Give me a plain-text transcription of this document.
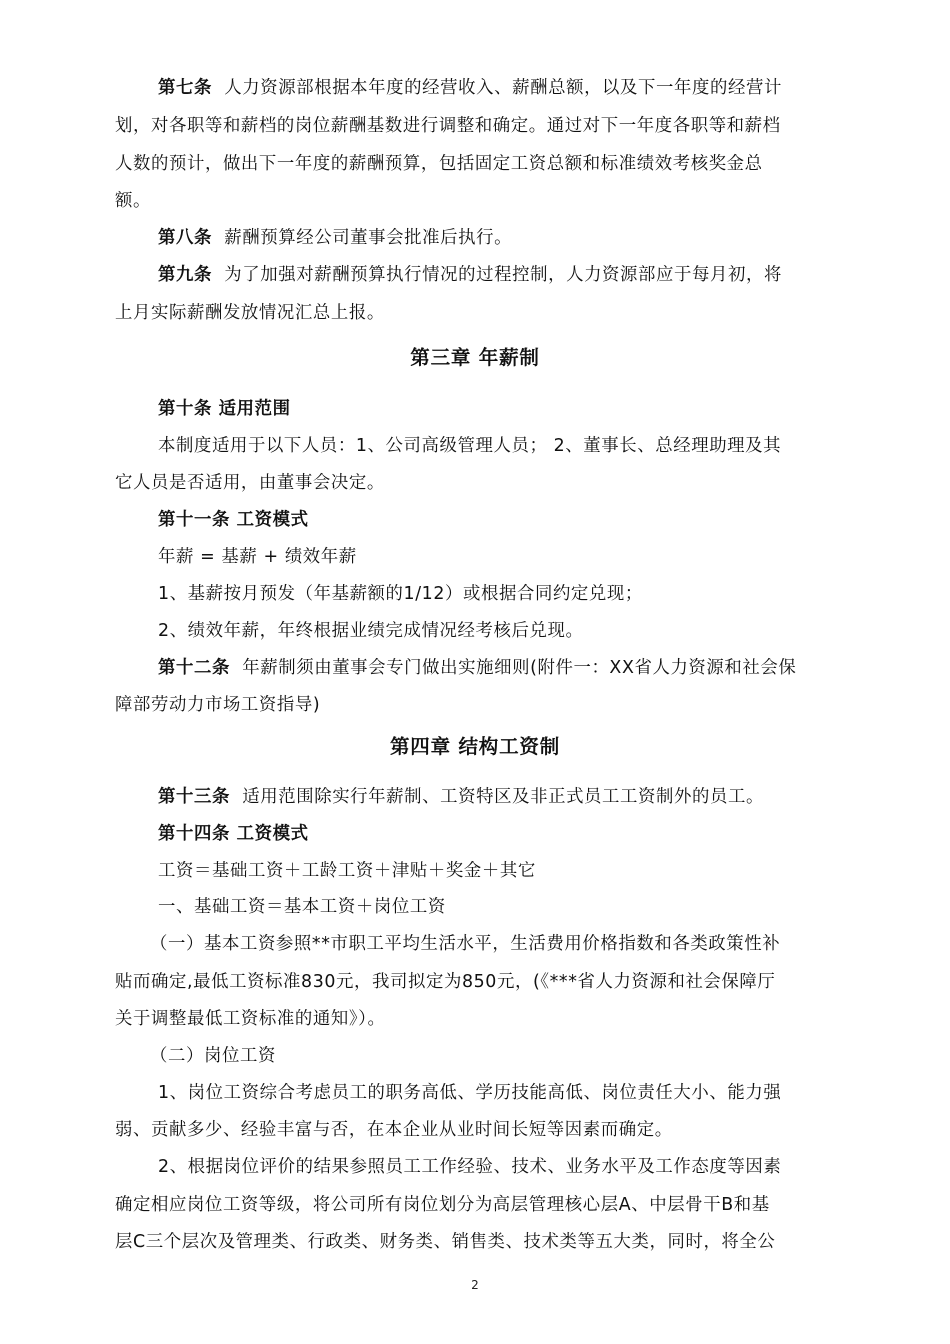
第七条 人力资源部根据本年度的经营收入、薪酬总额，以及下一年度的经营计
划，对各职等和薪档的岗位薪酬基数进行调整和确定。通过对下一年度各职等和薪档
人数的预计，做出下一年度的薪酬预算，包括固定工资总额和标准绩效考核奖金总
额。
第八条 薪酬预算经公司董事会批准后执行。
第九条 为了加强对薪酬预算执行情况的过程控制，人力资源部应于每月初，将
上月实际薪酬发放情况汇总上报。
第三章 年薪制
第十条 适用范围
本制度适用于以下人员：1、公司高级管理人员； 2、董事长、总经理助理及其
它人员是否适用，由董事会决定。
第十一条 工资模式
年薪 = 基薪 + 绩效年薪
1、基薪按月预发（年基薪额的1/12）或根据合同约定兑现；
2、绩效年薪，年终根据业绩完成情况经考核后兑现。
第十二条 年薪制须由董事会专门做出实施细则(附件一：XX省人力资源和社会保
障部劳动力市场工资指导)
第四章 结构工资制
第十三条 适用范围除实行年薪制、工资特区及非正式员工工资制外的员工。
第十四条 工资模式
工资＝基础工资＋工龄工资＋津贴＋奖金＋其它
一、基础工资＝基本工资＋岗位工资
（一）基本工资参照**市职工平均生活水平，生活费用价格指数和各类政策性补
贴而确定,最低工资标准830元，我司拟定为850元，(《***省人力资源和社会保障厅
关于调整最低工资标准的通知》）。
（二）岗位工资
1、岗位工资综合考虑员工的职务高低、学历技能高低、岗位责任大小、能力强
弱、贡献多少、经验丰富与否，在本企业从业时间长短等因素而确定。
2、根据岗位评价的结果参照员工工作经验、技术、业务水平及工作态度等因素
确定相应岗位工资等级，将公司所有岗位划分为高层管理核心层A、中层骨干B和基
层C三个层次及管理类、行政类、财务类、销售类、技术类等五大类，同时，将全公
2
